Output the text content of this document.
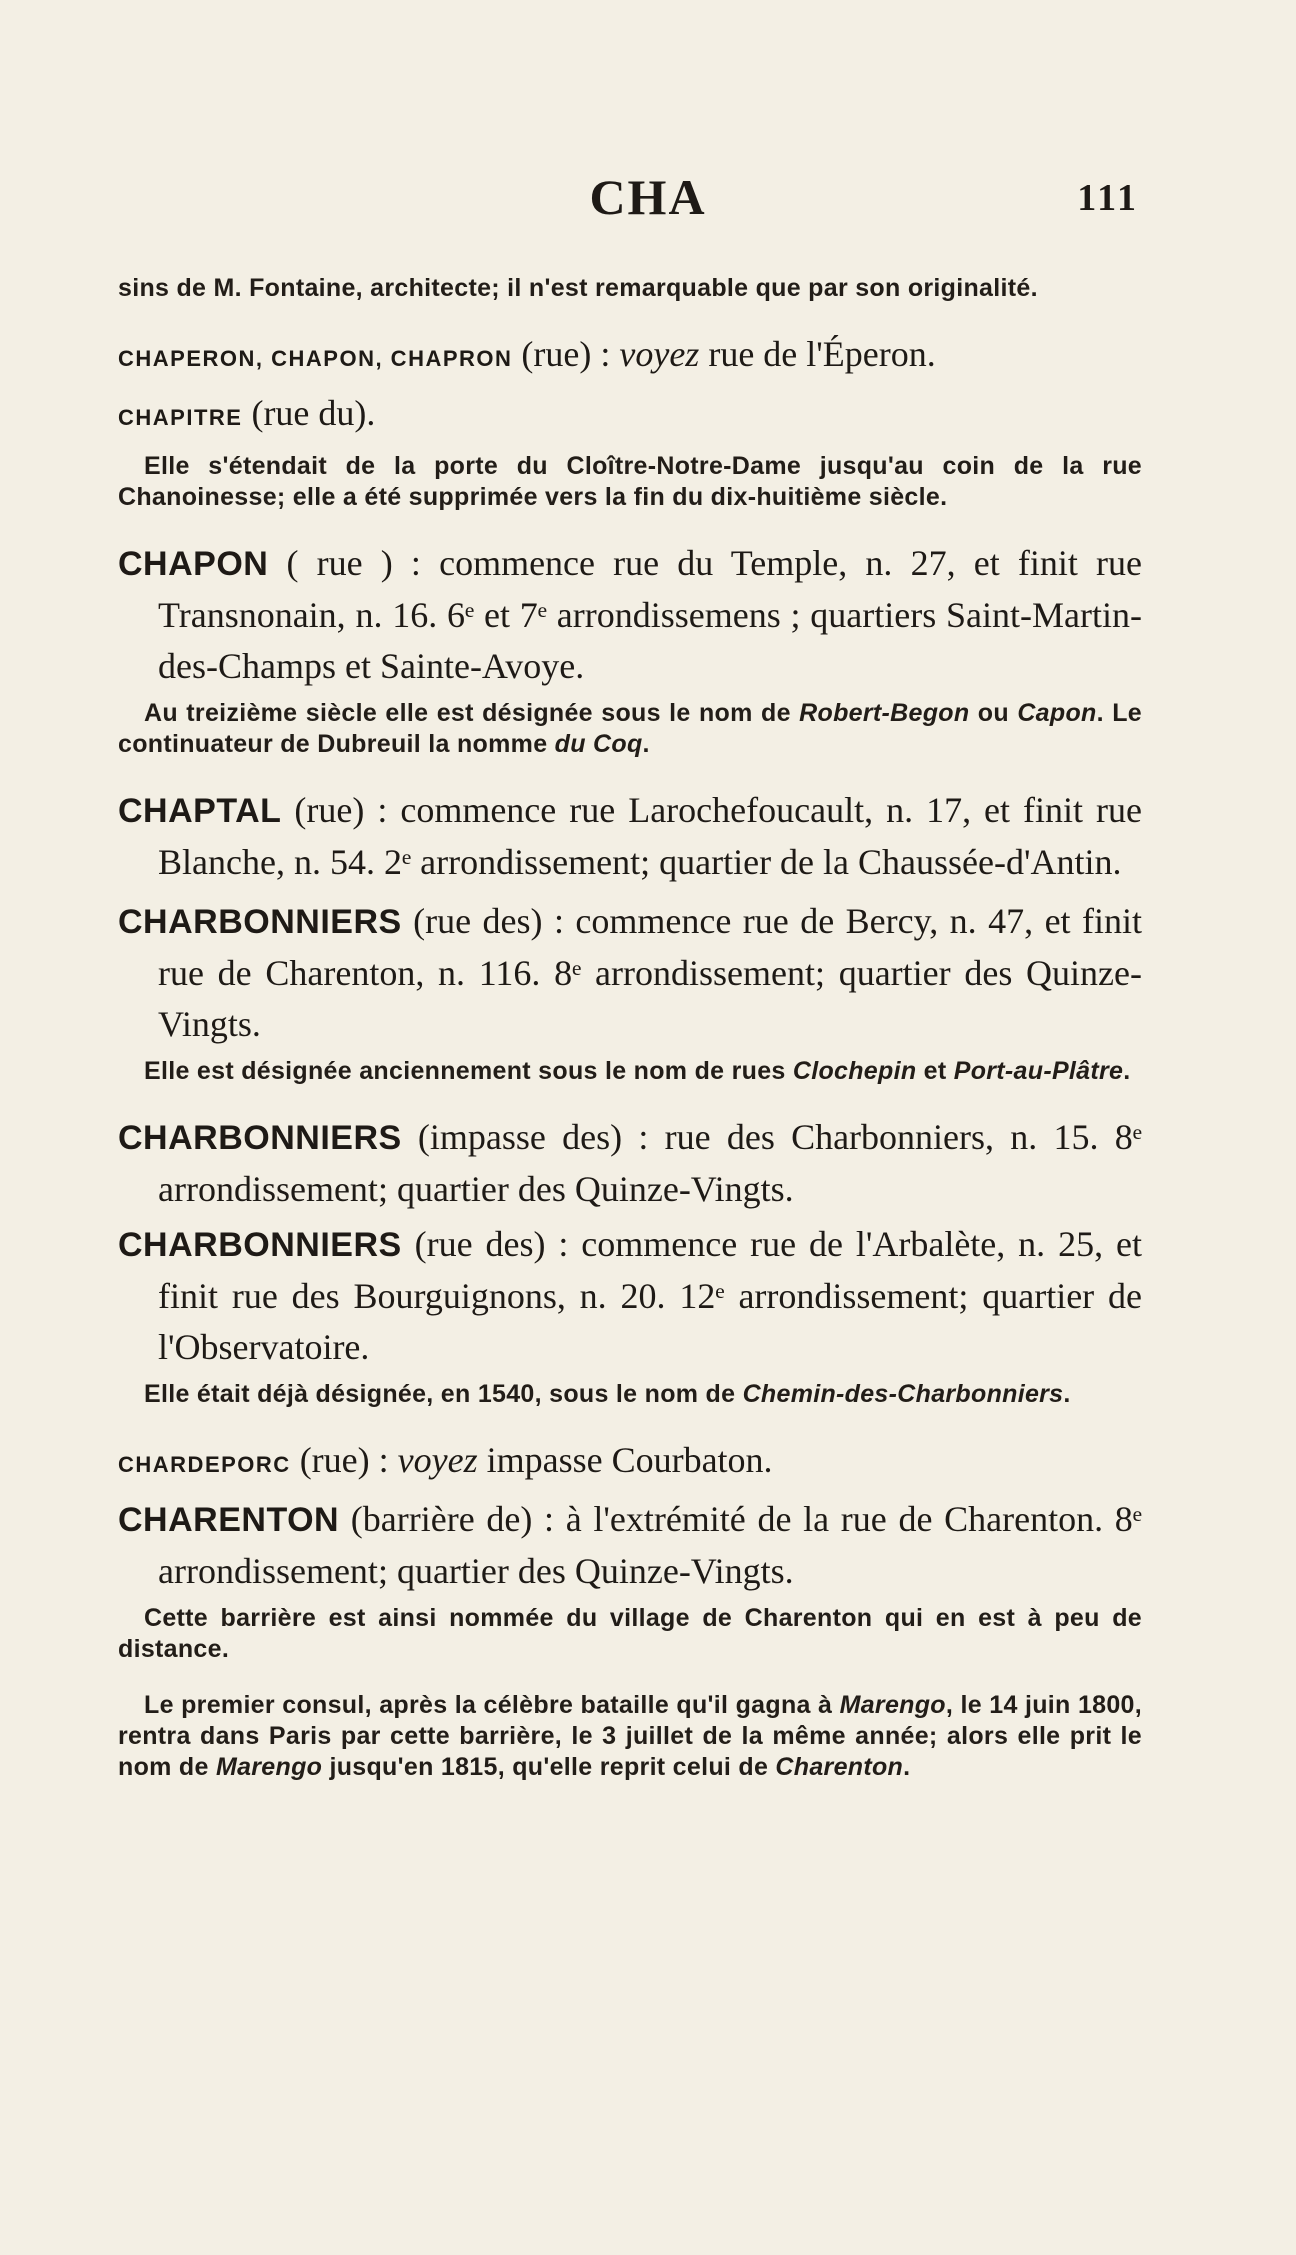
CHA	111

sins de M. Fontaine, architecte; il n'est remarquable que par son originalité.

CHAPERON, CHAPON, CHAPRON (rue) : voyez rue de l'Éperon.

CHAPITRE (rue du).

Elle s'étendait de la porte du Cloître-Notre-Dame jusqu'au coin de la rue Chanoinesse; elle a été supprimée vers la fin du dix-huitième siècle.

CHAPON ( rue ) : commence rue du Temple, n. 27, et finit rue Transnonain, n. 16. 6ᵉ et 7ᵉ arrondissemens ; quartiers Saint-Martin-des-Champs et Sainte-Avoye.

Au treizième siècle elle est désignée sous le nom de Robert-Begon ou Capon. Le continuateur de Dubreuil la nomme du Coq.

CHAPTAL (rue) : commence rue Larochefoucault, n. 17, et finit rue Blanche, n. 54. 2ᵉ arrondissement; quartier de la Chaussée-d'Antin.

CHARBONNIERS (rue des) : commence rue de Bercy, n. 47, et finit rue de Charenton, n. 116. 8ᵉ arrondissement; quartier des Quinze-Vingts.

Elle est désignée anciennement sous le nom de rues Clochepin et Port-au-Plâtre.

CHARBONNIERS (impasse des) : rue des Charbonniers, n. 15. 8ᵉ arrondissement; quartier des Quinze-Vingts.

CHARBONNIERS (rue des) : commence rue de l'Arbalète, n. 25, et finit rue des Bourguignons, n. 20. 12ᵉ arrondissement; quartier de l'Observatoire.

Elle était déjà désignée, en 1540, sous le nom de Chemin-des-Charbonniers.

CHARDEPORC (rue) : voyez impasse Courbaton.

CHARENTON (barrière de) : à l'extrémité de la rue de Charenton. 8ᵉ arrondissement; quartier des Quinze-Vingts.

Cette barrière est ainsi nommée du village de Charenton qui en est à peu de distance.

Le premier consul, après la célèbre bataille qu'il gagna à Marengo, le 14 juin 1800, rentra dans Paris par cette barrière, le 3 juillet de la même année; alors elle prit le nom de Marengo jusqu'en 1815, qu'elle reprit celui de Charenton.
